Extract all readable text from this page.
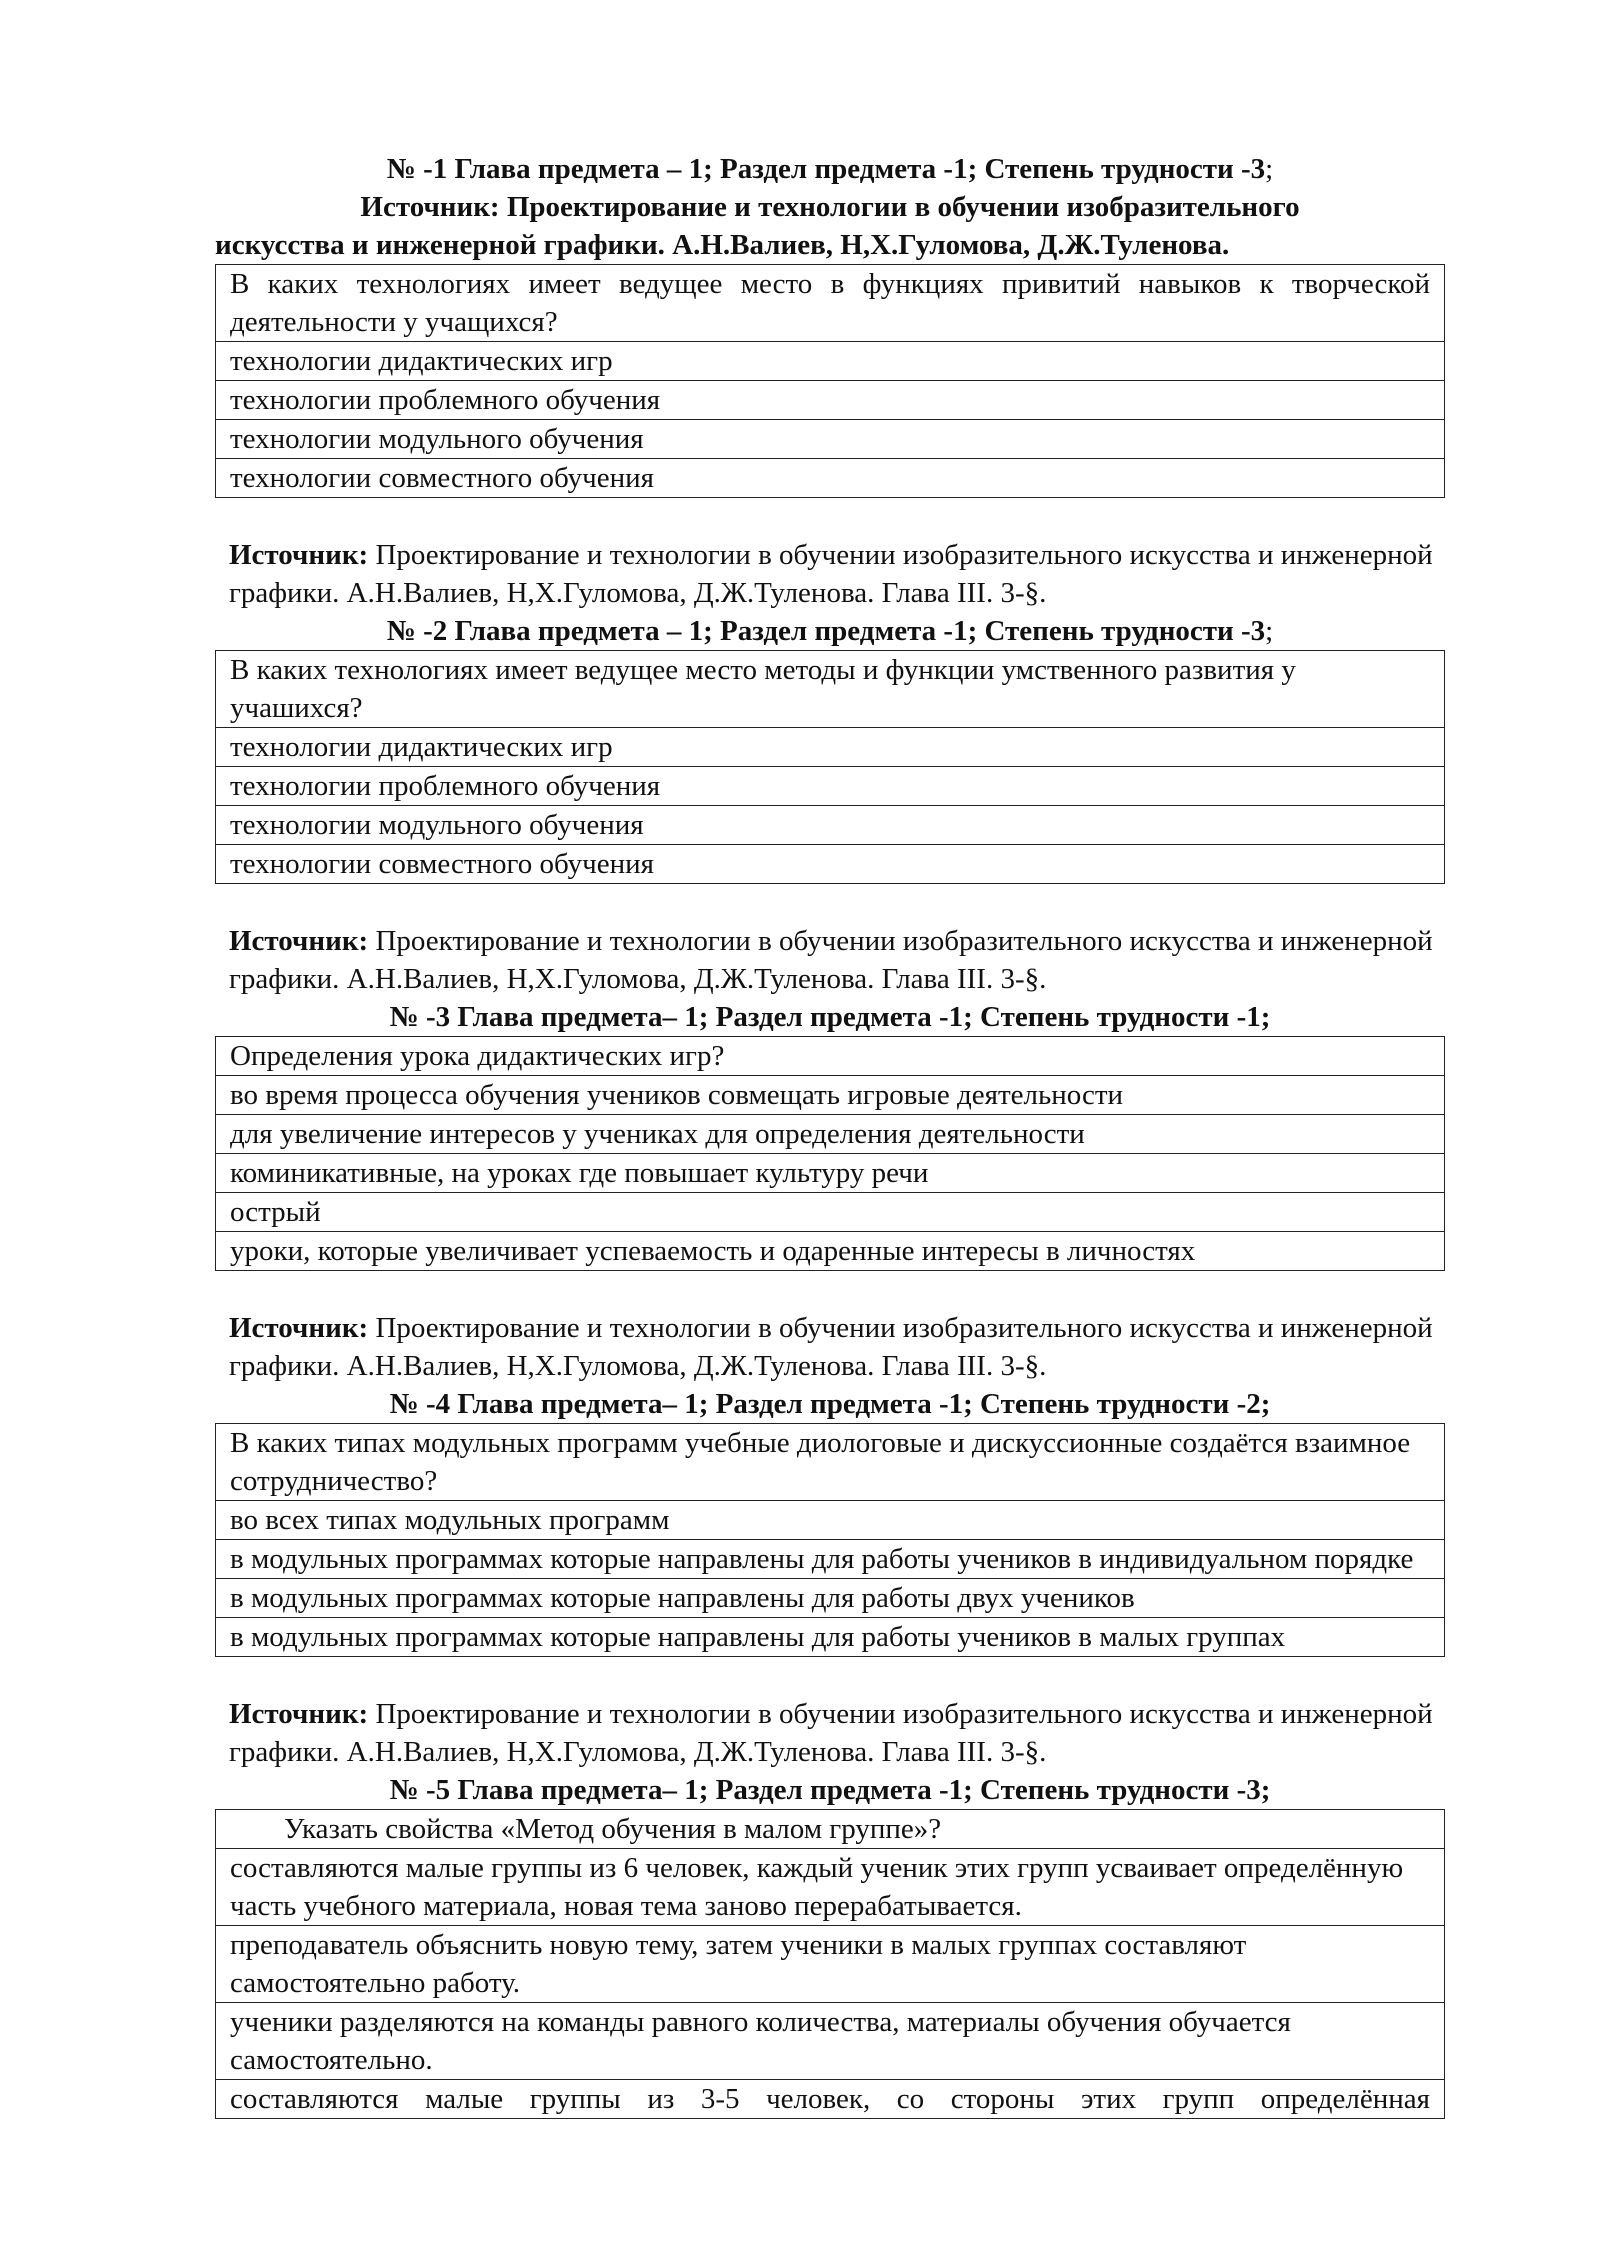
№ -1 Глава предмета – 1; Раздел предмета -1; Степень трудности -3;
Источник: Проектирование и технологии в обучении изобразительного
искусства и инженерной графики. А.Н.Валиев, Н,Х.Гуломова, Д.Ж.Туленова.
В каких технологиях имеет ведущее место в функциях привитий навыков к творческой деятельности у учащихся?
технологии дидактических игр
технологии проблемного обучения
технологии модульного обучения
технологии совместного обучения
Источник: Проектирование и технологии в обучении изобразительного искусства и инженерной графики. А.Н.Валиев, Н,Х.Гуломова, Д.Ж.Туленова. Глава III. 3-§.
№ -2 Глава предмета – 1; Раздел предмета -1; Степень трудности -3;
В каких технологиях имеет ведущее место методы и функции умственного развития у учашихся?
технологии дидактических игр
технологии проблемного обучения
технологии модульного обучения
технологии совместного обучения
Источник: Проектирование и технологии в обучении изобразительного искусства и инженерной графики. А.Н.Валиев, Н,Х.Гуломова, Д.Ж.Туленова. Глава III. 3-§.
№ -3 Глава предмета– 1; Раздел предмета -1; Степень трудности -1;
Определения урока дидактических игр?
во время процесса обучения учеников совмещать игровые деятельности
для увеличение интересов у учениках для определения деятельности
коминикативные, на уроках где повышает культуру речи
острый
уроки, которые увеличивает успеваемость и одаренные интересы в личностях
Источник: Проектирование и технологии в обучении изобразительного искусства и инженерной графики. А.Н.Валиев, Н,Х.Гуломова, Д.Ж.Туленова. Глава III. 3-§.
№ -4 Глава предмета– 1; Раздел предмета -1; Степень трудности -2;
В каких типах модульных программ учебные диологовые и дискуссионные создаётся взаимное сотрудничество?
во всех типах модульных программ
в модульных программах которые направлены для работы учеников в индивидуальном порядке
в модульных программах которые направлены для работы двух учеников
в модульных программах которые направлены для работы учеников в малых группах
Источник: Проектирование и технологии в обучении изобразительного искусства и инженерной графики. А.Н.Валиев, Н,Х.Гуломова, Д.Ж.Туленова. Глава III. 3-§.
№ -5 Глава предмета– 1; Раздел предмета -1; Степень трудности -3;
Указать свойства «Метод обучения в малом группе»?
составляются малые группы из 6 человек, каждый ученик этих групп усваивает определённую часть учебного материала, новая тема заново перерабатывается.
преподаватель объяснить новую тему, затем ученики в малых группах составляют самостоятельно работу.
ученики разделяются на команды равного количества, материалы обучения обучается самостоятельно.
составляются малые группы из 3-5 человек, со стороны этих групп определённая
